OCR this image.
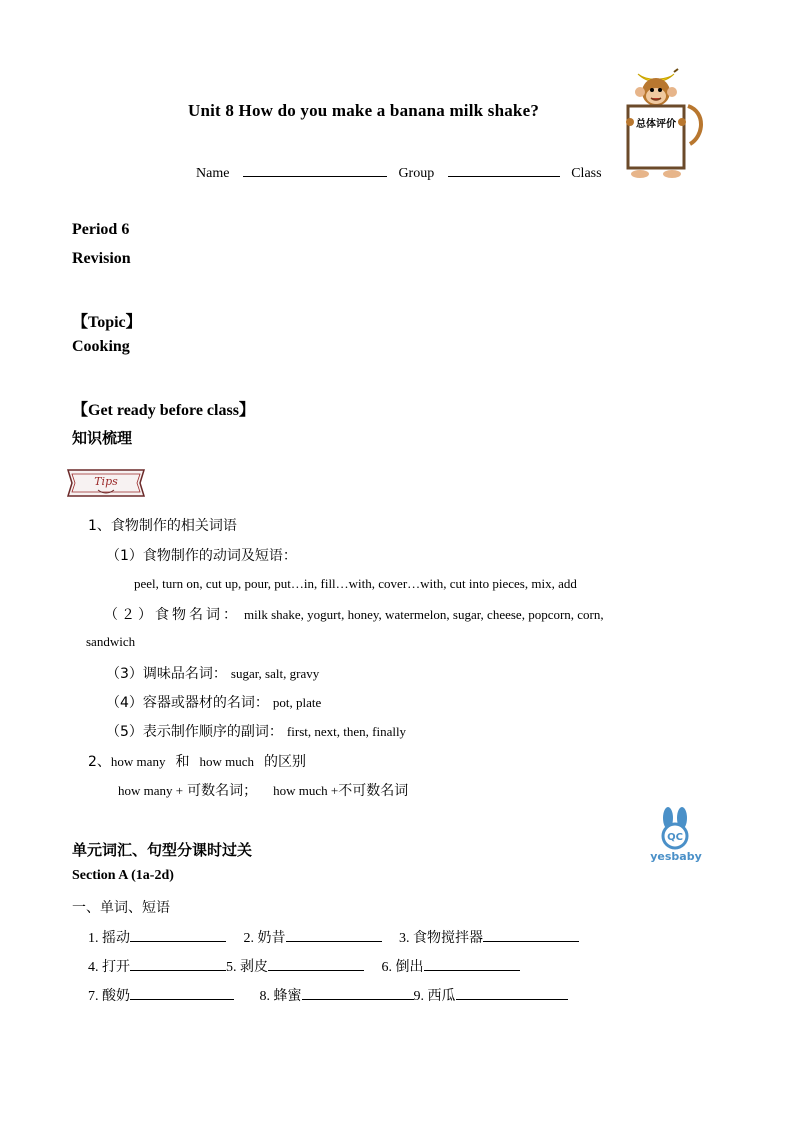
Unit 8 How do you make a banana milk shake?
Name	Group	Class
总体评价
Period 6
Revision
【Topic】
Cooking
【Get ready before class】
知识梳理
Tips
1、食物制作的相关词语
（1）食物制作的动词及短语：
peel, turn on, cut up, pour, put…in, fill…with, cover…with, cut into pieces, mix, add
（２）食物名词： milk shake, yogurt, honey, watermelon, sugar, cheese, popcorn, corn,
sandwich
（3）调味品名词： sugar, salt, gravy
（4）容器或器材的名词： pot, plate
（5）表示制作顺序的副词： first, next, then, finally
2、how many 和 how much 的区别
how many + 可数名词； how much +不可数名词
QC
yesbaby
单元词汇、句型分课时过关
Section A (1a-2d)
一、单词、短语
1. 摇动	2. 奶昔	3. 食物搅拌器
4. 打开	5. 剥皮	6. 倒出
7. 酸奶	8. 蜂蜜	9. 西瓜
